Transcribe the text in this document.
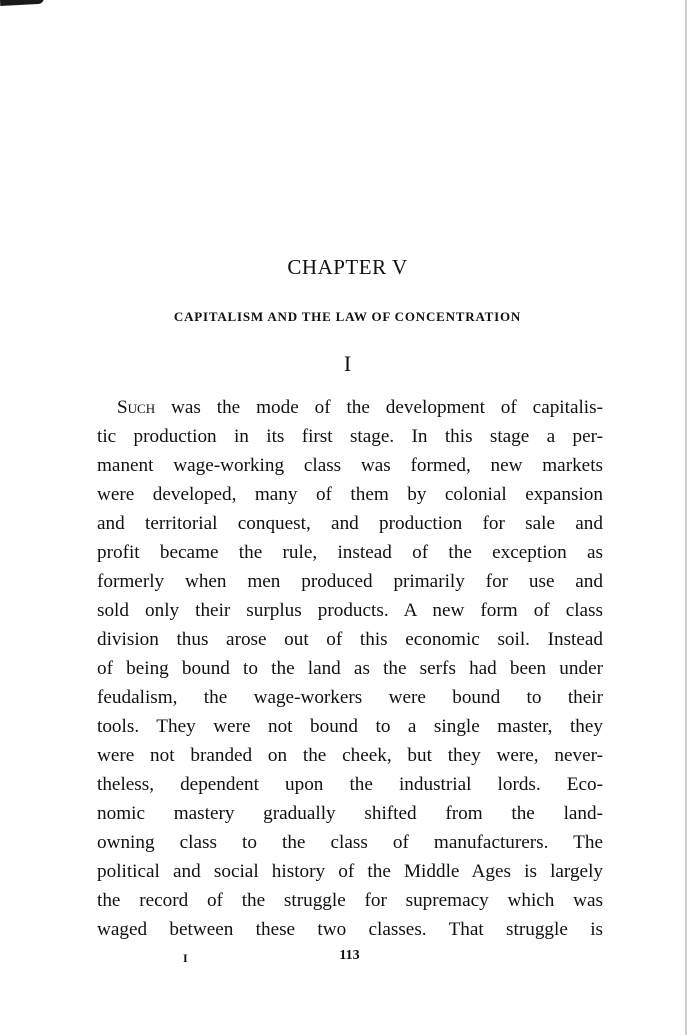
CHAPTER V
CAPITALISM AND THE LAW OF CONCENTRATION
I
Such was the mode of the development of capitalis-
tic production in its first stage. In this stage a per-
manent wage-working class was formed, new markets
were developed, many of them by colonial expansion
and territorial conquest, and production for sale and
profit became the rule, instead of the exception as
formerly when men produced primarily for use and
sold only their surplus products. A new form of class
division thus arose out of this economic soil. Instead
of being bound to the land as the serfs had been under
feudalism, the wage-workers were bound to their
tools. They were not bound to a single master, they
were not branded on the cheek, but they were, never-
theless, dependent upon the industrial lords. Eco-
nomic mastery gradually shifted from the land-
owning class to the class of manufacturers. The
political and social history of the Middle Ages is largely
the record of the struggle for supremacy which was
waged between these two classes. That struggle is
I	113
